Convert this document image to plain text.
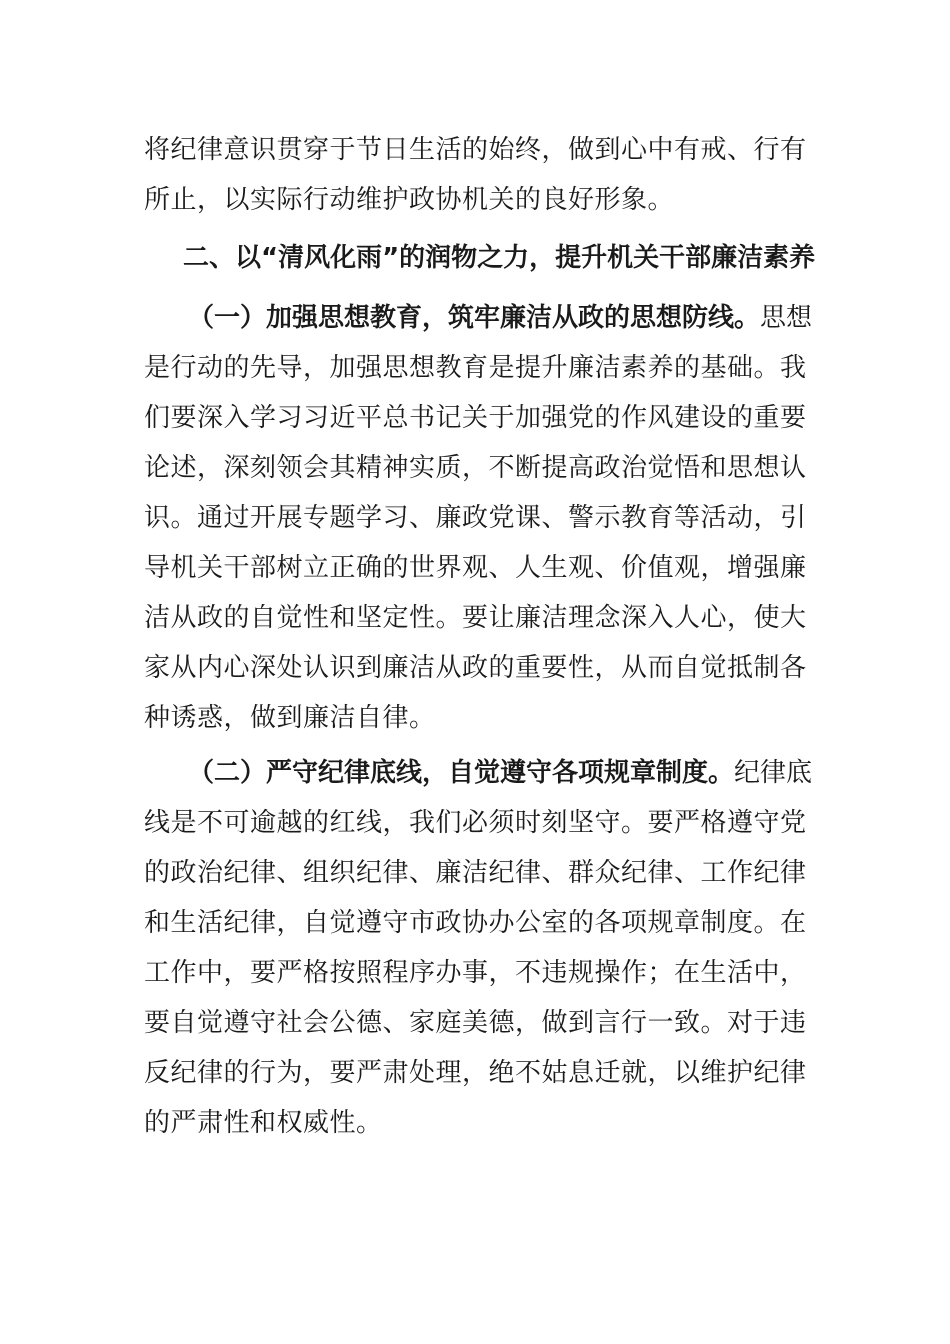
将纪律意识贯穿于节日生活的始终，做到心中有戒、行有
所止，以实际行动维护政协机关的良好形象。
二、以“清风化雨”的润物之力，提升机关干部廉洁素养
（一）加强思想教育，筑牢廉洁从政的思想防线。思想
是行动的先导，加强思想教育是提升廉洁素养的基础。我
们要深入学习习近平总书记关于加强党的作风建设的重要
论述，深刻领会其精神实质，不断提高政治觉悟和思想认
识。通过开展专题学习、廉政党课、警示教育等活动，引
导机关干部树立正确的世界观、人生观、价值观，增强廉
洁从政的自觉性和坚定性。要让廉洁理念深入人心，使大
家从内心深处认识到廉洁从政的重要性，从而自觉抵制各
种诱惑，做到廉洁自律。
（二）严守纪律底线，自觉遵守各项规章制度。纪律底
线是不可逾越的红线，我们必须时刻坚守。要严格遵守党
的政治纪律、组织纪律、廉洁纪律、群众纪律、工作纪律
和生活纪律，自觉遵守市政协办公室的各项规章制度。在
工作中，要严格按照程序办事，不违规操作；在生活中，
要自觉遵守社会公德、家庭美德，做到言行一致。对于违
反纪律的行为，要严肃处理，绝不姑息迁就，以维护纪律
的严肃性和权威性。
